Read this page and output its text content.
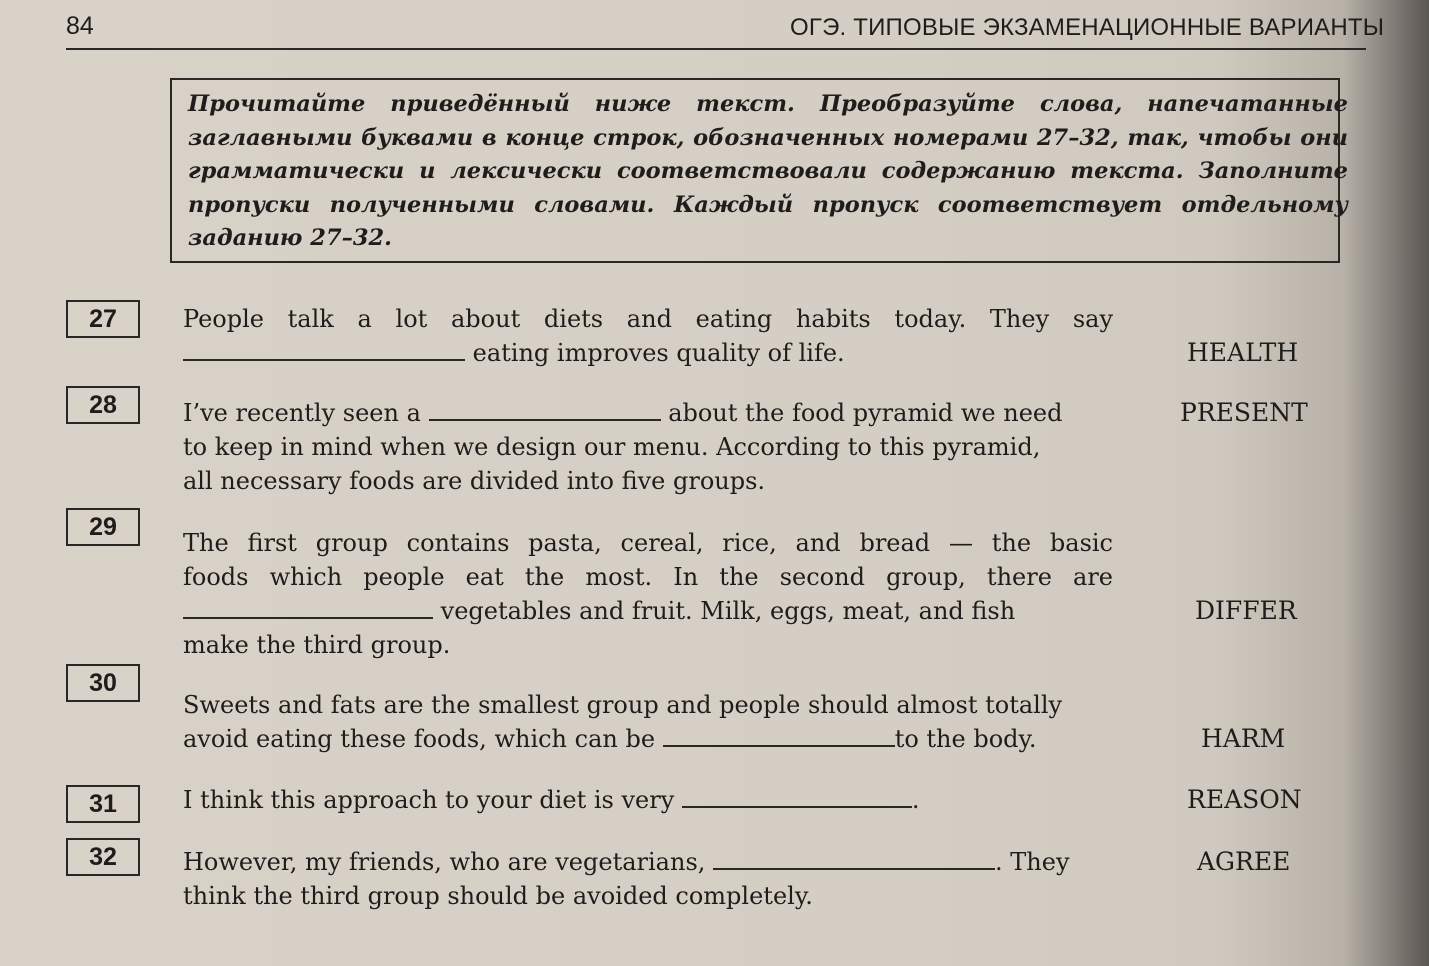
84	ОГЭ. ТИПОВЫЕ ЭКЗАМЕНАЦИОННЫЕ ВАРИАНТЫ
Прочитайте приведённый ниже текст. Преобразуйте слова, напечатанные заглавными буквами в конце строк, обозначенных номерами 27–32, так, чтобы они грамматически и лексически соответствовали содержанию текста. Заполните пропуски полученными словами. Каждый пропуск соответствует отдельному заданию 27–32.
27	People talk a lot about diets and eating habits today. They say
eating improves quality of life.	HEALTH
28	I’ve recently seen a	about the food pyramid we need
to keep in mind when we design our menu. According to this pyramid,
all necessary foods are divided into five groups.
PRESENT
29
The first group contains pasta, cereal, rice, and bread — the basic
foods which people eat the most. In the second group, there are
vegetables and fruit. Milk, eggs, meat, and fish
make the third group.
DIFFER
30
Sweets and fats are the smallest group and people should almost totally
avoid eating these foods, which can be	to the body.	HARM
31	I think this approach to your diet is very	.	REASON
32	However, my friends, who are vegetarians,	. They
think the third group should be avoided completely.
AGREE
